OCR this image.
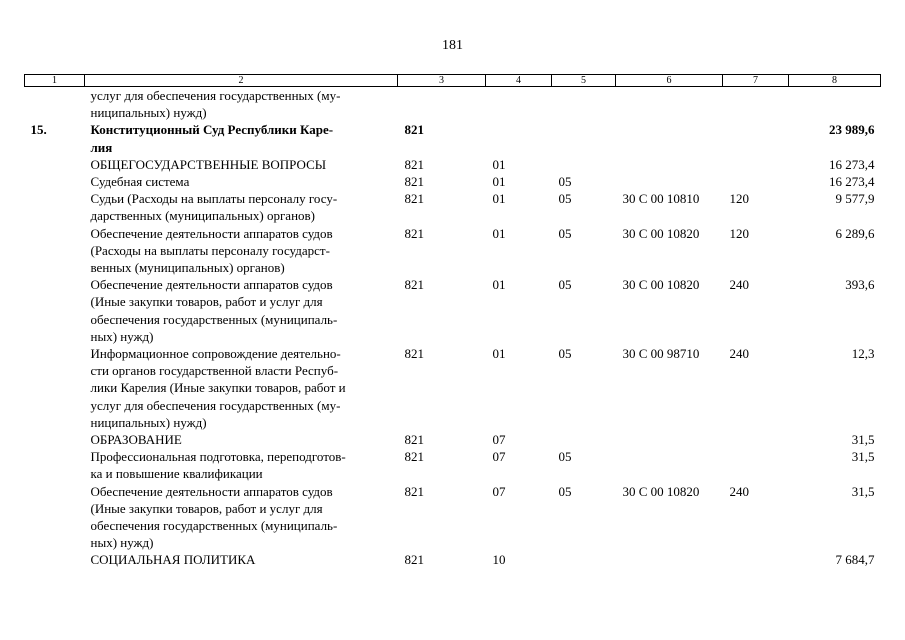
181
1	2	3	4	5	6	7	8

	услуг для обеспечения государственных (му-
ниципальных) нужд)						

15.	Конституционный Суд Республики Каре-
лия	821					23 989,6

	ОБЩЕГОСУДАРСТВЕННЫЕ ВОПРОСЫ	821	01				16 273,4

	Судебная система	821	01	05			16 273,4

	Судьи (Расходы на выплаты персоналу госу-
дарственных (муниципальных) органов)	821	01	05	30 С 00 10810	120	9 577,9

	Обеспечение деятельности аппаратов судов
(Расходы на выплаты персоналу государст-
венных (муниципальных) органов)	821	01	05	30 С 00 10820	120	6 289,6

	Обеспечение деятельности аппаратов судов
(Иные закупки товаров, работ и услуг для
обеспечения государственных (муниципаль-
ных) нужд)	821	01	05	30 С 00 10820	240	393,6

	Информационное сопровождение деятельно-
сти органов государственной власти Респуб-
лики Карелия (Иные закупки товаров, работ и
услуг для обеспечения государственных (му-
ниципальных) нужд)	821	01	05	30 С 00 98710	240	12,3

	ОБРАЗОВАНИЕ	821	07				31,5

	Профессиональная подготовка, переподготов-
ка и повышение квалификации	821	07	05			31,5

	Обеспечение деятельности аппаратов судов
(Иные закупки товаров, работ и услуг для
обеспечения государственных (муниципаль-
ных) нужд)	821	07	05	30 С 00 10820	240	31,5

	СОЦИАЛЬНАЯ ПОЛИТИКА	821	10				7 684,7
